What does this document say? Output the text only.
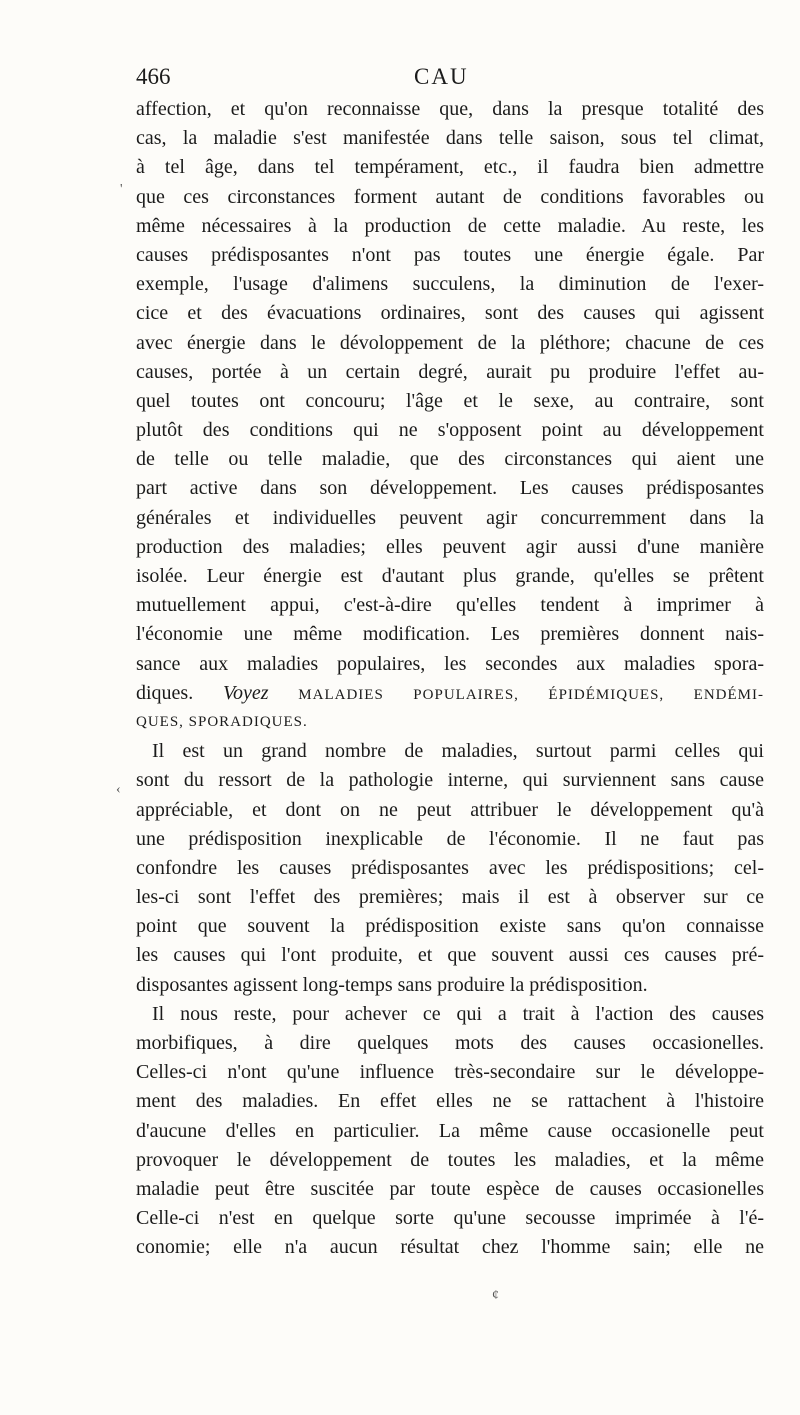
466	CAU
affection, et qu'on reconnaisse que, dans la presque totalité des
cas, la maladie s'est manifestée dans telle saison, sous tel climat,
à tel âge, dans tel tempérament, etc., il faudra bien admettre
que ces circonstances forment autant de conditions favorables ou
même nécessaires à la production de cette maladie. Au reste, les
causes prédisposantes n'ont pas toutes une énergie égale. Par
exemple, l'usage d'alimens succulens, la diminution de l'exer-
cice et des évacuations ordinaires, sont des causes qui agissent
avec énergie dans le dévoloppement de la pléthore; chacune de ces
causes, portée à un certain degré, aurait pu produire l'effet au-
quel toutes ont concouru; l'âge et le sexe, au contraire, sont
plutôt des conditions qui ne s'opposent point au développement
de telle ou telle maladie, que des circonstances qui aient une
part active dans son développement. Les causes prédisposantes
générales et individuelles peuvent agir concurremment dans la
production des maladies; elles peuvent agir aussi d'une manière
isolée. Leur énergie est d'autant plus grande, qu'elles se prêtent
mutuellement appui, c'est-à-dire qu'elles tendent à imprimer à
l'économie une même modification. Les premières donnent nais-
sance aux maladies populaires, les secondes aux maladies spora-
diques. Voyez MALADIES POPULAIRES, ÉPIDÉMIQUES, ENDÉMI-
QUES, SPORADIQUES.
Il est un grand nombre de maladies, surtout parmi celles qui
sont du ressort de la pathologie interne, qui surviennent sans cause
appréciable, et dont on ne peut attribuer le développement qu'à
une prédisposition inexplicable de l'économie. Il ne faut pas
confondre les causes prédisposantes avec les prédispositions; cel-
les-ci sont l'effet des premières; mais il est à observer sur ce
point que souvent la prédisposition existe sans qu'on connaisse
les causes qui l'ont produite, et que souvent aussi ces causes pré-
disposantes agissent long-temps sans produire la prédisposition.
Il nous reste, pour achever ce qui a trait à l'action des causes
morbifiques, à dire quelques mots des causes occasionelles.
Celles-ci n'ont qu'une influence très-secondaire sur le développe-
ment des maladies. En effet elles ne se rattachent à l'histoire
d'aucune d'elles en particulier. La même cause occasionelle peut
provoquer le développement de toutes les maladies, et la même
maladie peut être suscitée par toute espèce de causes occasionelles
Celle-ci n'est en quelque sorte qu'une secousse imprimée à l'é-
conomie; elle n'a aucun résultat chez l'homme sain; elle ne
'
‹
¢
